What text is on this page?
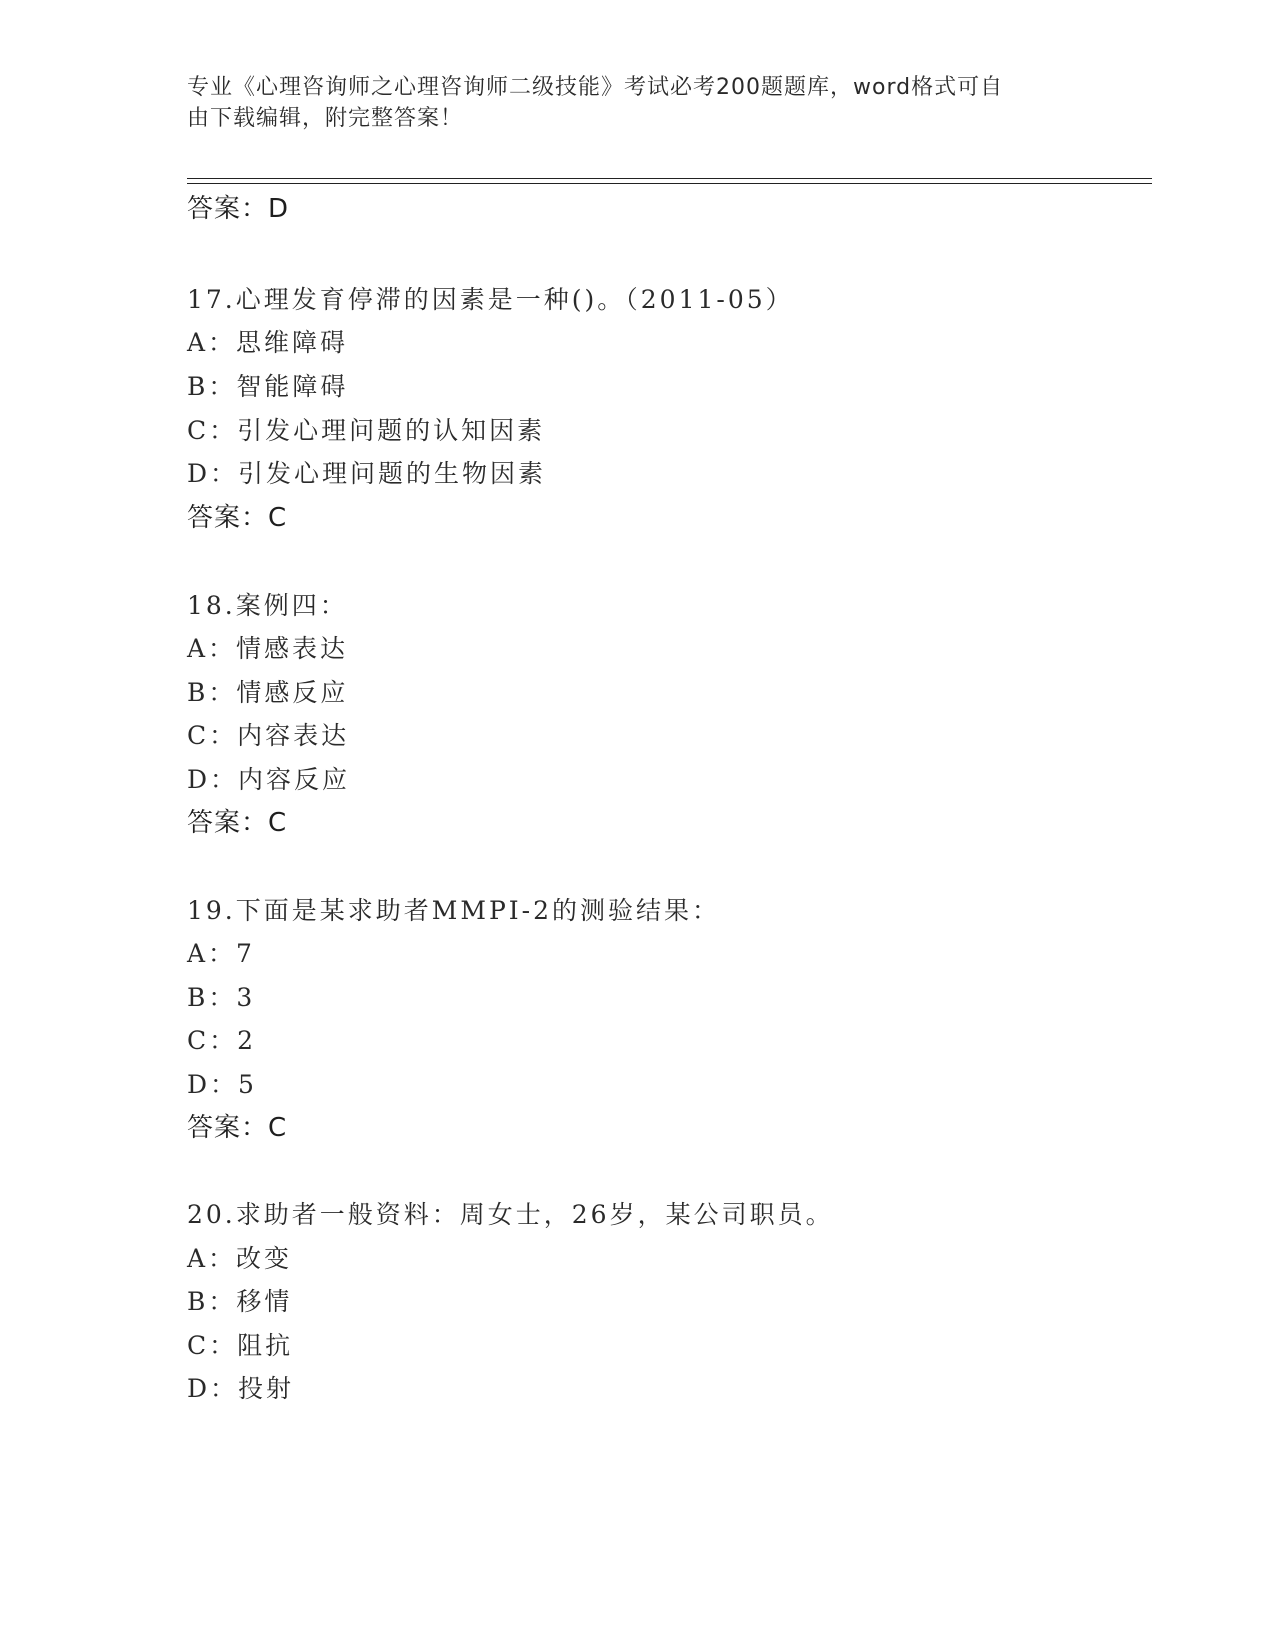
专业《心理咨询师之心理咨询师二级技能》考试必考200题题库，word格式可自
由下载编辑，附完整答案！
答案：D
17.心理发育停滞的因素是一种()。（2011-05）
A：思维障碍
B：智能障碍
C：引发心理问题的认知因素
D：引发心理问题的生物因素
答案：C
18.案例四：
A：情感表达
B：情感反应
C：内容表达
D：内容反应
答案：C
19.下面是某求助者MMPI-2的测验结果：
A：7
B：3
C：2
D：5
答案：C
20.求助者一般资料：周女士，26岁，某公司职员。
A：改变
B：移情
C：阻抗
D：投射
